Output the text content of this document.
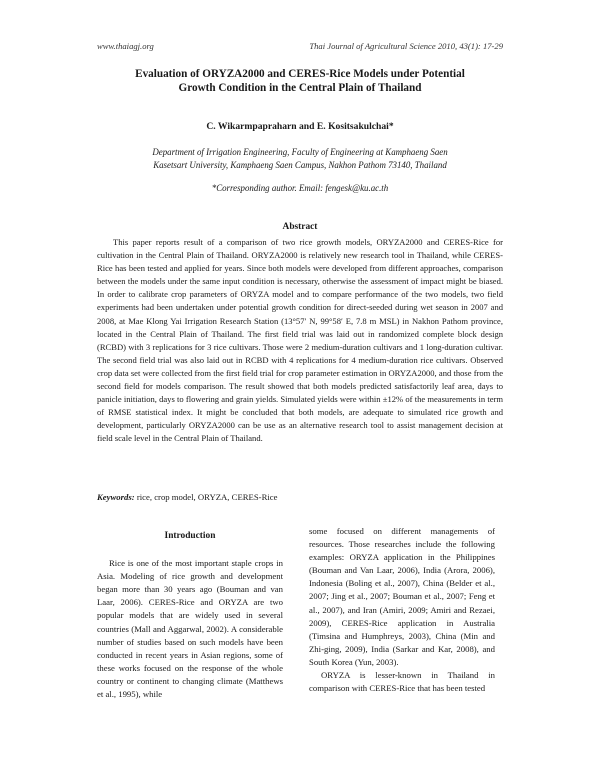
www.thaiagj.org	Thai Journal of Agricultural Science 2010, 43(1): 17-29
Evaluation of ORYZA2000 and CERES-Rice Models under Potential
Growth Condition in the Central Plain of Thailand
C. Wikarmpapraharn and E. Kositsakulchai*
Department of Irrigation Engineering, Faculty of Engineering at Kamphaeng Saen
Kasetsart University, Kamphaeng Saen Campus, Nakhon Pathom 73140, Thailand
*Corresponding author. Email: fengesk@ku.ac.th
Abstract
This paper reports result of a comparison of two rice growth models, ORYZA2000 and CERES-Rice for cultivation in the Central Plain of Thailand. ORYZA2000 is relatively new research tool in Thailand, while CERES-Rice has been tested and applied for years. Since both models were developed from different approaches, comparison between the models under the same input condition is necessary, otherwise the assessment of impact might be biased. In order to calibrate crop parameters of ORYZA model and to compare performance of the two models, two field experiments had been undertaken under potential growth condition for direct-seeded during wet season in 2007 and 2008, at Mae Klong Yai Irrigation Research Station (13°57′ N, 99°58′ E, 7.8 m MSL) in Nakhon Pathom province, located in the Central Plain of Thailand. The first field trial was laid out in randomized complete block design (RCBD) with 3 replications for 3 rice cultivars. Those were 2 medium-duration cultivars and 1 long-duration cultivar. The second field trial was also laid out in RCBD with 4 replications for 4 medium-duration rice cultivars. Observed crop data set were collected from the first field trial for crop parameter estimation in ORYZA2000, and those from the second field for models comparison. The result showed that both models predicted satisfactorily leaf area, days to panicle initiation, days to flowering and grain yields. Simulated yields were within ±12% of the measurements in term of RMSE statistical index. It might be concluded that both models, are adequate to simulated rice growth and development, particularly ORYZA2000 can be use as an alternative research tool to assist management decision at field scale level in the Central Plain of Thailand.
Keywords: rice, crop model, ORYZA, CERES-Rice
Introduction

Rice is one of the most important staple crops in Asia. Modeling of rice growth and development began more than 30 years ago (Bouman and van Laar, 2006). CERES-Rice and ORYZA are two popular models that are widely used in several countries (Mall and Aggarwal, 2002). A considerable number of studies based on such models have been conducted in recent years in Asian regions, some of these works focused on the response of the whole country or continent to changing climate (Matthews et al., 1995), while

some focused on different managements of resources. Those researches include the following examples: ORYZA application in the Philippines (Bouman and Van Laar, 2006), India (Arora, 2006), Indonesia (Boling et al., 2007), China (Belder et al., 2007; Jing et al., 2007; Bouman et al., 2007; Feng et al., 2007), and Iran (Amiri, 2009; Amiri and Rezaei, 2009), CERES-Rice application in Australia (Timsina and Humphreys, 2003), China (Min and Zhi-ging, 2009), India (Sarkar and Kar, 2008), and South Korea (Yun, 2003).

ORYZA is lesser-known in Thailand in comparison with CERES-Rice that has been tested
